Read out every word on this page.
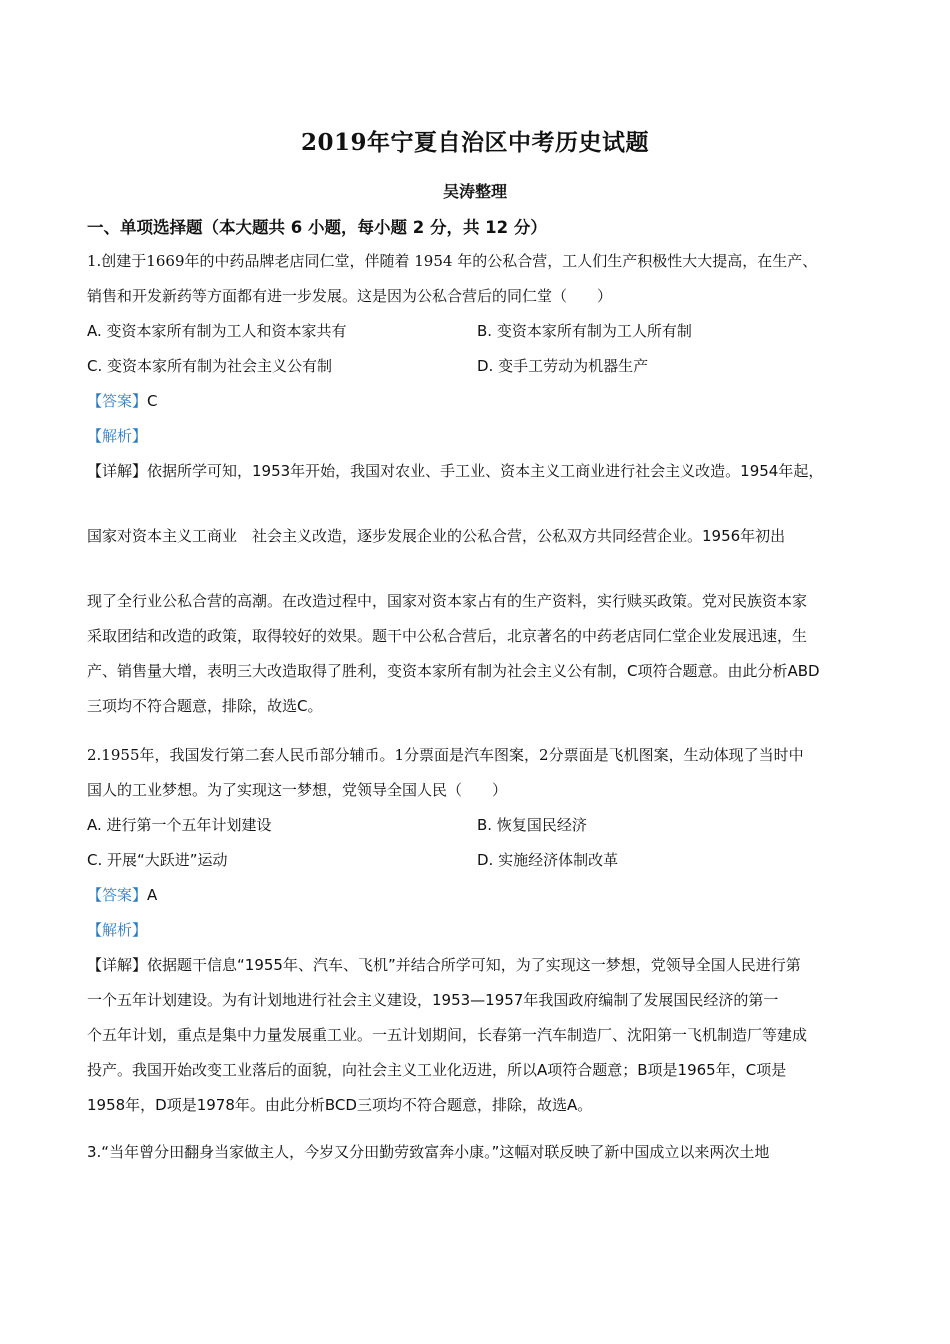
2019年宁夏自治区中考历史试题
吴涛整理
一、单项选择题（本大题共 6 小题，每小题 2 分，共 12 分）
1.创建于1669年的中药品牌老店同仁堂，伴随着 1954 年的公私合营，工人们生产积极性大大提高，在生产、
销售和开发新药等方面都有进一步发展。这是因为公私合营后的同仁堂（　　）
A. 变资本家所有制为工人和资本家共有	B. 变资本家所有制为工人所有制
C. 变资本家所有制为社会主义公有制	D. 变手工劳动为机器生产
【答案】C
【解析】
【详解】依据所学可知，1953年开始，我国对农业、手工业、资本主义工商业进行社会主义改造。1954年起，
国家对资本主义工商业　社会主义改造，逐步发展企业的公私合营，公私双方共同经营企业。1956年初出
现了全行业公私合营的高潮。在改造过程中，国家对资本家占有的生产资料，实行赎买政策。党对民族资本家
采取团结和改造的政策，取得较好的效果。题干中公私合营后，北京著名的中药老店同仁堂企业发展迅速，生
产、销售量大增，表明三大改造取得了胜利，变资本家所有制为社会主义公有制，C项符合题意。由此分析ABD
三项均不符合题意，排除，故选C。
2.1955年，我国发行第二套人民币部分辅币。1分票面是汽车图案，2分票面是飞机图案，生动体现了当时中
国人的工业梦想。为了实现这一梦想，党领导全国人民（　　）
A. 进行第一个五年计划建设	B. 恢复国民经济
C. 开展“大跃进”运动	D. 实施经济体制改革
【答案】A
【解析】
【详解】依据题干信息“1955年、汽车、飞机”并结合所学可知，为了实现这一梦想，党领导全国人民进行第
一个五年计划建设。为有计划地进行社会主义建设，1953—1957年我国政府编制了发展国民经济的第一
个五年计划，重点是集中力量发展重工业。一五计划期间，长春第一汽车制造厂、沈阳第一飞机制造厂等建成
投产。我国开始改变工业落后的面貌，向社会主义工业化迈进，所以A项符合题意；B项是1965年，C项是
1958年，D项是1978年。由此分析BCD三项均不符合题意，排除，故选A。
3.“当年曾分田翻身当家做主人，今岁又分田勤劳致富奔小康。”这幅对联反映了新中国成立以来两次土地
